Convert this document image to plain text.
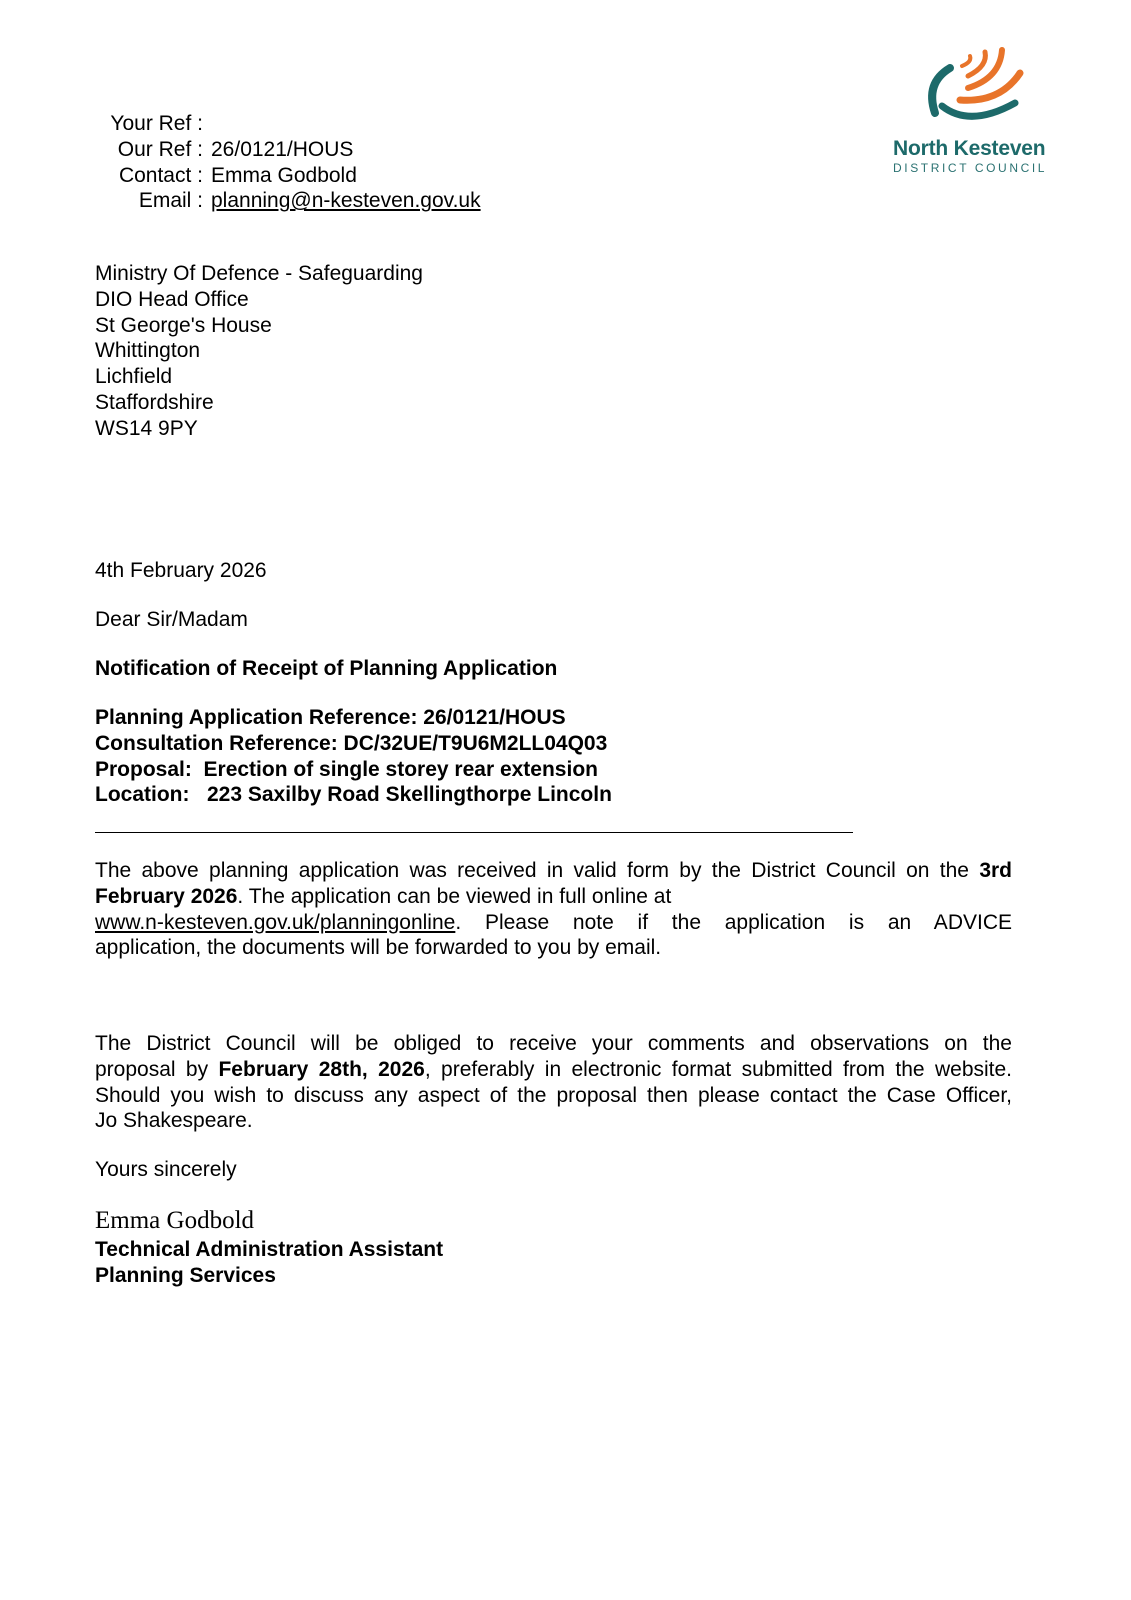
North Kesteven
DISTRICT COUNCIL
Your Ref :
Our Ref : 26/0121/HOUS
Contact : Emma Godbold
Email : planning@n-kesteven.gov.uk
Ministry Of Defence - Safeguarding
DIO Head Office
St George's House
Whittington
Lichfield
Staffordshire
WS14 9PY
4th February 2026
Dear Sir/Madam
Notification of Receipt of Planning Application
Planning Application Reference: 26/0121/HOUS
Consultation Reference: DC/32UE/T9U6M2LL04Q03
Proposal:  Erection of single storey rear extension
Location:   223 Saxilby Road Skellingthorpe Lincoln
The above planning application was received in valid form by the District Council on the 3rd
February 2026. The application can be viewed in full online at
www.n-kesteven.gov.uk/planningonline.  Please  note  if  the  application  is  an  ADVICE
application, the documents will be forwarded to you by email.
The District Council will be obliged to receive your comments and observations on the
proposal by February 28th, 2026, preferably in electronic format submitted from the website.
Should you wish to discuss any aspect of the proposal then please contact the Case Officer,
Jo Shakespeare.
Yours sincerely
Emma Godbold
Technical Administration Assistant
Planning Services
